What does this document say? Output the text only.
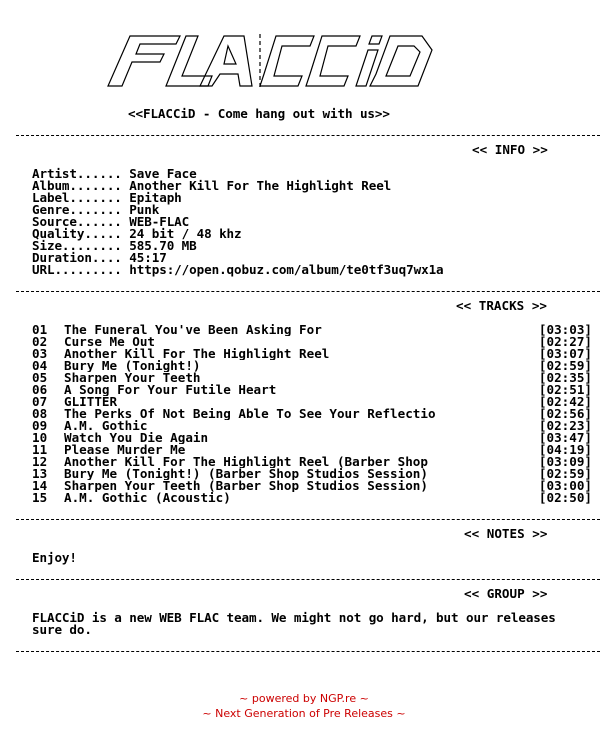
<<FLACCiD - Come hang out with us>>
<< INFO >>
Artist...... Save Face
Album....... Another Kill For The Highlight Reel
Label....... Epitaph
Genre....... Punk
Source...... WEB-FLAC
Quality..... 24 bit / 48 khz
Size........ 585.70 MB
Duration.... 45:17
URL......... https://open.qobuz.com/album/te0tf3uq7wx1a
<< TRACKS >>
01 The Funeral You've Been Asking For	[03:03]
02 Curse Me Out	[02:27]
03 Another Kill For The Highlight Reel	[03:07]
04 Bury Me (Tonight!)	[02:59]
05 Sharpen Your Teeth	[02:35]
06 A Song For Your Futile Heart	[02:51]
07 GLITTER	[02:42]
08 The Perks Of Not Being Able To See Your Reflectio	[02:56]
09 A.M. Gothic	[02:23]
10 Watch You Die Again	[03:47]
11 Please Murder Me	[04:19]
12 Another Kill For The Highlight Reel (Barber Shop	[03:09]
13 Bury Me (Tonight!) (Barber Shop Studios Session)	[02:59]
14 Sharpen Your Teeth (Barber Shop Studios Session)	[03:00]
15 A.M. Gothic (Acoustic)	[02:50]
<< NOTES >>
Enjoy!
<< GROUP >>
FLACCiD is a new WEB FLAC team. We might not go hard, but our releases
sure do.
~ powered by NGP.re ~
~ Next Generation of Pre Releases ~
